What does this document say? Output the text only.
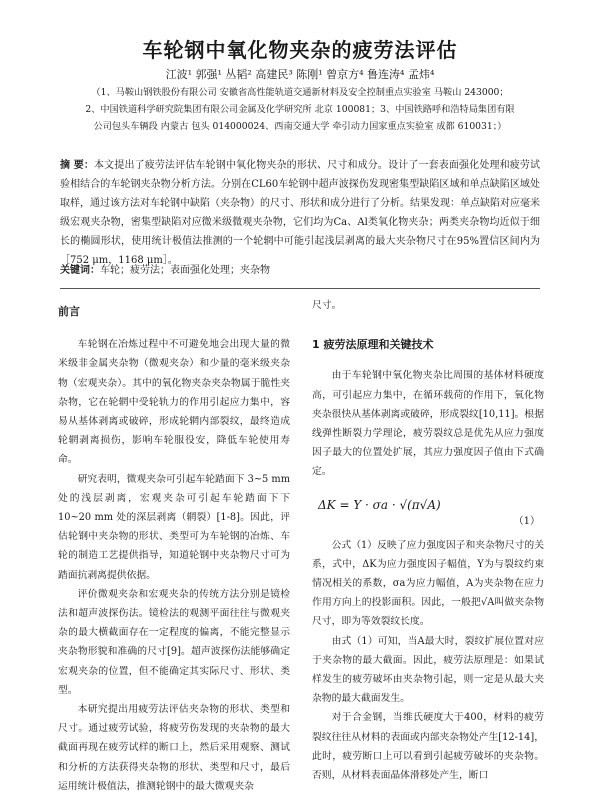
车轮钢中氧化物夹杂的疲劳法评估
江波¹ 郭强¹ 丛韬² 高建民³ 陈刚¹ 曾京方⁴ 鲁连涛⁴ 孟炜⁴
（1、马鞍山钢铁股份有限公司 安徽省高性能轨道交通新材料及安全控制重点实验室 马鞍山 243000；
2、中国铁道科学研究院集团有限公司金属及化学研究所 北京 100081；3、中国铁路呼和浩特局集团有限
公司包头车辆段 内蒙古 包头 014000024、西南交通大学 牵引动力国家重点实验室 成都 610031；）
摘 要：本文提出了疲劳法评估车轮钢中氧化物夹杂的形状、尺寸和成分。设计了一套表面强化处理和疲劳试验相结合的车轮钢夹杂物分析方法。分别在CL60车轮钢中超声波探伤发现密集型缺陷区域和单点缺陷区域处取样，通过该方法对车轮钢中缺陷（夹杂物）的尺寸、形状和成分进行了分析。结果发现：单点缺陷对应毫米级宏观夹杂物，密集型缺陷对应微米级微观夹杂物，它们均为Ca、Al类氧化物夹杂；两类夹杂物均近似于细长的椭圆形状，使用统计极值法推测的一个轮辋中可能引起浅层剥离的最大夹杂物尺寸在95%置信区间内为［752 μm，1168 μm］。
关键词：车轮；疲劳法；表面强化处理；夹杂物
前言

车轮钢在冶炼过程中不可避免地会出现大量的微米级非金属夹杂物（微观夹杂）和少量的毫米级夹杂物（宏观夹杂）。其中的氧化物夹杂夹杂物属于脆性夹杂物，它在轮辋中受轮轨力的作用引起应力集中，容易从基体剥离或破碎，形成轮辋内部裂纹，最终造成轮辋剥离损伤，影响车轮服役安，降低车轮使用寿命。

研究表明，微观夹杂可引起车轮踏面下 3~5 mm 处的浅层剥离，宏观夹杂可引起车轮踏面下下 10~20 mm 处的深层剥离（辋裂）[1-8]。因此，评估轮钢中夹杂物的形状、类型可为车轮钢的冶炼、车轮的制造工艺提供指导，知道轮钢中夹杂物尺寸可为踏面抗剥离提供依据。

评价微观夹杂和宏观夹杂的传统方法分别是镜检法和超声波探伤法。镜检法的观测平面往往与微观夹杂的最大横截面存在一定程度的偏离，不能完整显示夹杂物形貌和准确的尺寸[9]。超声波探伤法能够确定宏观夹杂的位置，但不能确定其实际尺寸、形状、类型。

本研究提出用疲劳法评估夹杂物的形状、类型和尺寸。通过疲劳试验，将疲劳伤发现的夹杂物的最大截面再现在疲劳试样的断口上，然后采用观察、测试和分析的方法获得夹杂物的形状、类型和尺寸，最后运用统计极值法，推测轮钢中的最大微观夹杂

尺寸。

1 疲劳法原理和关键技术

由于车轮钢中氧化物夹杂比周围的基体材料硬度高，可引起应力集中，在循环载荷的作用下，氧化物夹杂很快从基体剥离或破碎，形成裂纹[10,11]。根据线弹性断裂力学理论，疲劳裂纹总是优先从应力强度因子最大的位置处扩展，其应力强度因子值由下式确定。

ΔK = Y · σa · √(π√A)
（1）

公式（1）反映了应力强度因子和夹杂物尺寸的关系，式中，ΔK为应力强度因子幅值，Y为与裂纹约束情况相关的系数，σa为应力幅值，A为夹杂物在应力作用方向上的投影面积。因此，一般把√A叫做夹杂物尺寸，即为等效裂纹长度。

由式（1）可知，当A最大时，裂纹扩展位置对应于夹杂物的最大截面。因此，疲劳法原理是：如果试样发生的疲劳破坏由夹杂物引起，则一定是从最大夹杂物的最大截面发生。

对于合金钢，当维氏硬度大于400，材料的疲劳裂纹往往从材料的表面或内部夹杂物处产生[12-14]，此时，疲劳断口上可以看到引起疲劳破坏的夹杂物。否则，从材料表面晶体滑移处产生，断口
